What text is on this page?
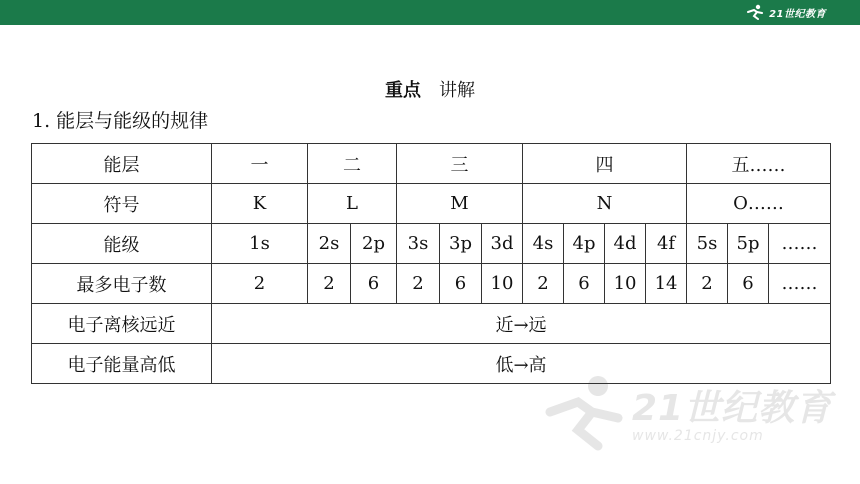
21世纪教育
21世纪教育
www.21cnjy.com
重点 讲解
1. 能层与能级的规律
能层	一	二		三			四				五……		
符号	K	L		M			N				O……		
能级	1s	2s	2p	3s	3p	3d	4s	4p	4d	4f	5s	5p	……
最多电子数	2	2	6	2	6	10	2	6	10	14	2	6	……
电子离核远近	近→远												
电子能量高低	低→高												
